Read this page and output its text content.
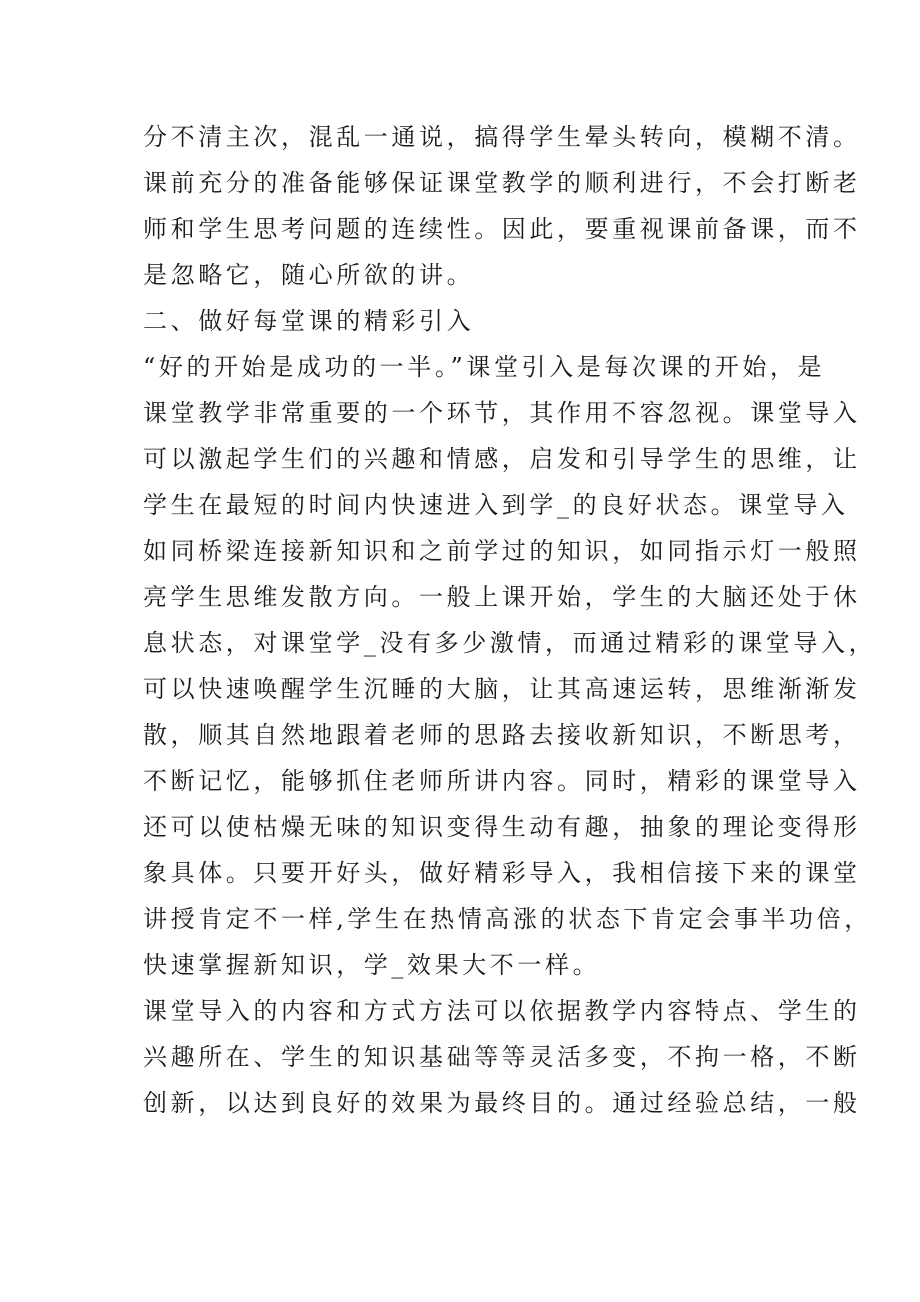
分不清主次，混乱一通说，搞得学生晕头转向，模糊不清。
课前充分的准备能够保证课堂教学的顺利进行，不会打断老
师和学生思考问题的连续性。因此，要重视课前备课，而不
是忽略它，随心所欲的讲。
二、做好每堂课的精彩引入
“好的开始是成功的一半。”课堂引入是每次课的开始，是
课堂教学非常重要的一个环节，其作用不容忽视。课堂导入
可以激起学生们的兴趣和情感，启发和引导学生的思维，让
学生在最短的时间内快速进入到学_的良好状态。课堂导入
如同桥梁连接新知识和之前学过的知识，如同指示灯一般照
亮学生思维发散方向。一般上课开始，学生的大脑还处于休
息状态，对课堂学_没有多少激情，而通过精彩的课堂导入，
可以快速唤醒学生沉睡的大脑，让其高速运转，思维渐渐发
散，顺其自然地跟着老师的思路去接收新知识，不断思考，
不断记忆，能够抓住老师所讲内容。同时，精彩的课堂导入
还可以使枯燥无味的知识变得生动有趣，抽象的理论变得形
象具体。只要开好头，做好精彩导入，我相信接下来的课堂
讲授肯定不一样,学生在热情高涨的状态下肯定会事半功倍，
快速掌握新知识，学_效果大不一样。
课堂导入的内容和方式方法可以依据教学内容特点、学生的
兴趣所在、学生的知识基础等等灵活多变，不拘一格，不断
创新，以达到良好的效果为最终目的。通过经验总结，一般
